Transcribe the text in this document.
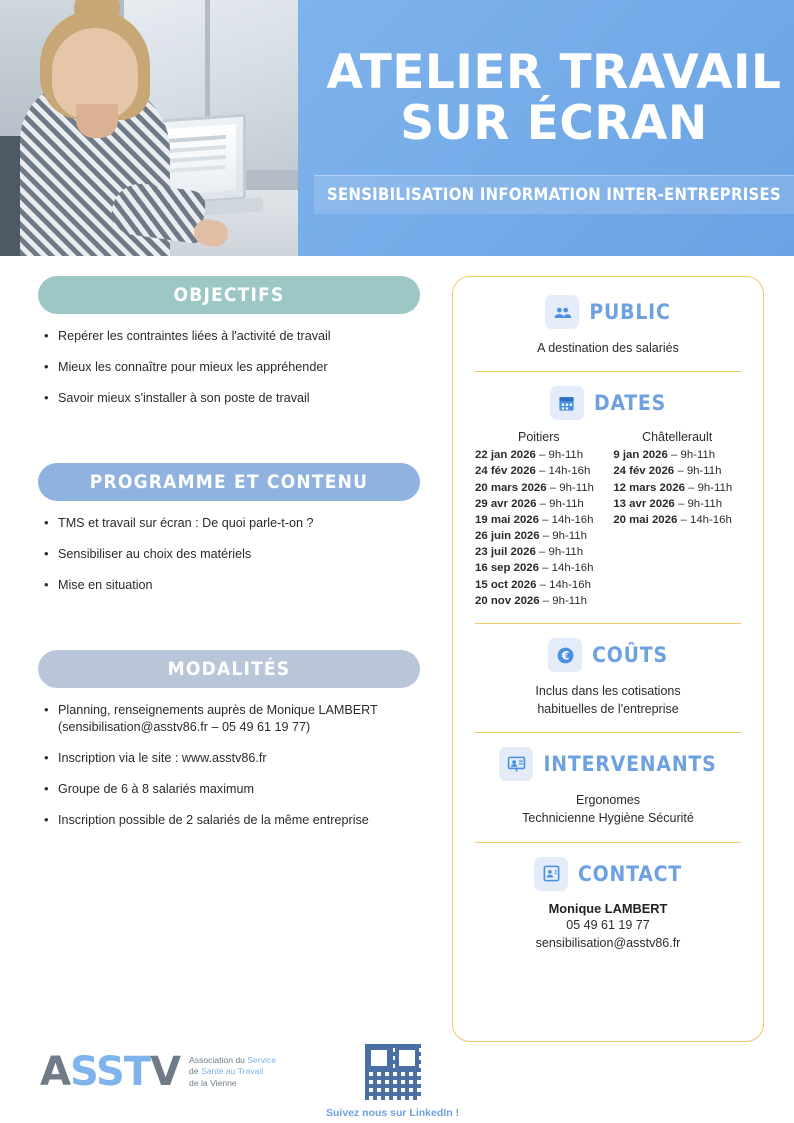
ATELIER TRAVAIL
SUR ÉCRAN
SENSIBILISATION INFORMATION INTER-ENTREPRISES
OBJECTIFS
• Repérer les contraintes liées à l'activité de travail
• Mieux les connaître pour mieux les appréhender
• Savoir mieux s'installer à son poste de travail
PROGRAMME ET CONTENU
• TMS et travail sur écran : De quoi parle-t-on ?
• Sensibiliser au choix des matériels
• Mise en situation
MODALITÉS
• Planning, renseignements auprès de Monique LAMBERT (sensibilisation@asstv86.fr – 05 49 61 19 77)
• Inscription via le site : www.asstv86.fr
• Groupe de 6 à 8 salariés maximum
• Inscription possible de 2 salariés de la même entreprise
PUBLIC
A destination des salariés
DATES
Poitiers
22 jan 2026 – 9h-11h
24 fév 2026 – 14h-16h
20 mars 2026 – 9h-11h
29 avr 2026 – 9h-11h
19 mai 2026 – 14h-16h
26 juin 2026 – 9h-11h
23 juil 2026 – 9h-11h
16 sep 2026 – 14h-16h
15 oct 2026 – 14h-16h
20 nov 2026 – 9h-11h
Châtellerault
9 jan 2026 – 9h-11h
24 fév 2026 – 9h-11h
12 mars 2026 – 9h-11h
13 avr 2026 – 9h-11h
20 mai 2026 – 14h-16h
€ COÛTS
Inclus dans les cotisations
habituelles de l'entreprise
INTERVENANTS
Ergonomes
Technicienne Hygiène Sécurité
CONTACT
Monique LAMBERT
05 49 61 19 77
sensibilisation@asstv86.fr
ASSTV Association du Service
de Santé au Travail
de la Vienne
Suivez nous sur LinkedIn !
